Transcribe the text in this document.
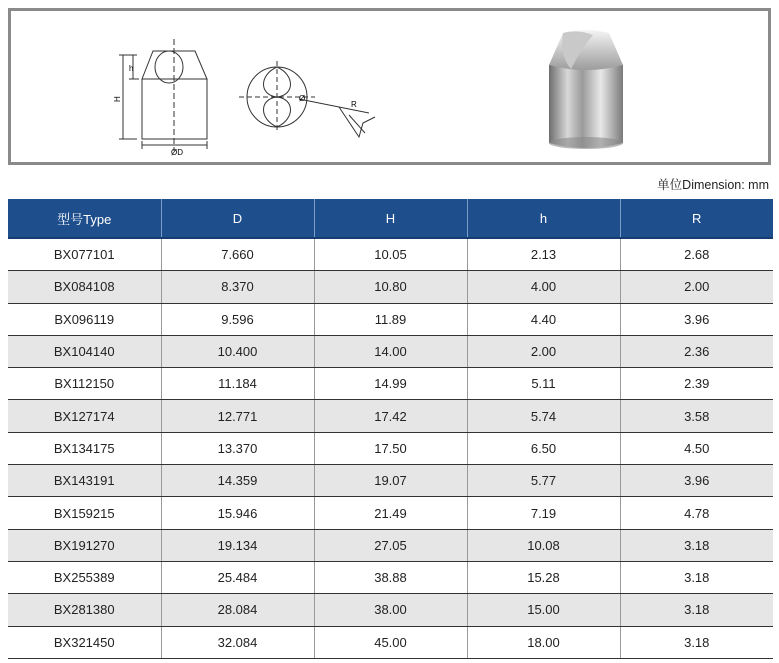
H
h
ØD
Ø
R
单位Dimension: mm
型号Type	D	H	h	R
BX077101	7.660	10.05	2.13	2.68
BX084108	8.370	10.80	4.00	2.00
BX096119	9.596	11.89	4.40	3.96
BX104140	10.400	14.00	2.00	2.36
BX112150	11.184	14.99	5.11	2.39
BX127174	12.771	17.42	5.74	3.58
BX134175	13.370	17.50	6.50	4.50
BX143191	14.359	19.07	5.77	3.96
BX159215	15.946	21.49	7.19	4.78
BX191270	19.134	27.05	10.08	3.18
BX255389	25.484	38.88	15.28	3.18
BX281380	28.084	38.00	15.00	3.18
BX321450	32.084	45.00	18.00	3.18
